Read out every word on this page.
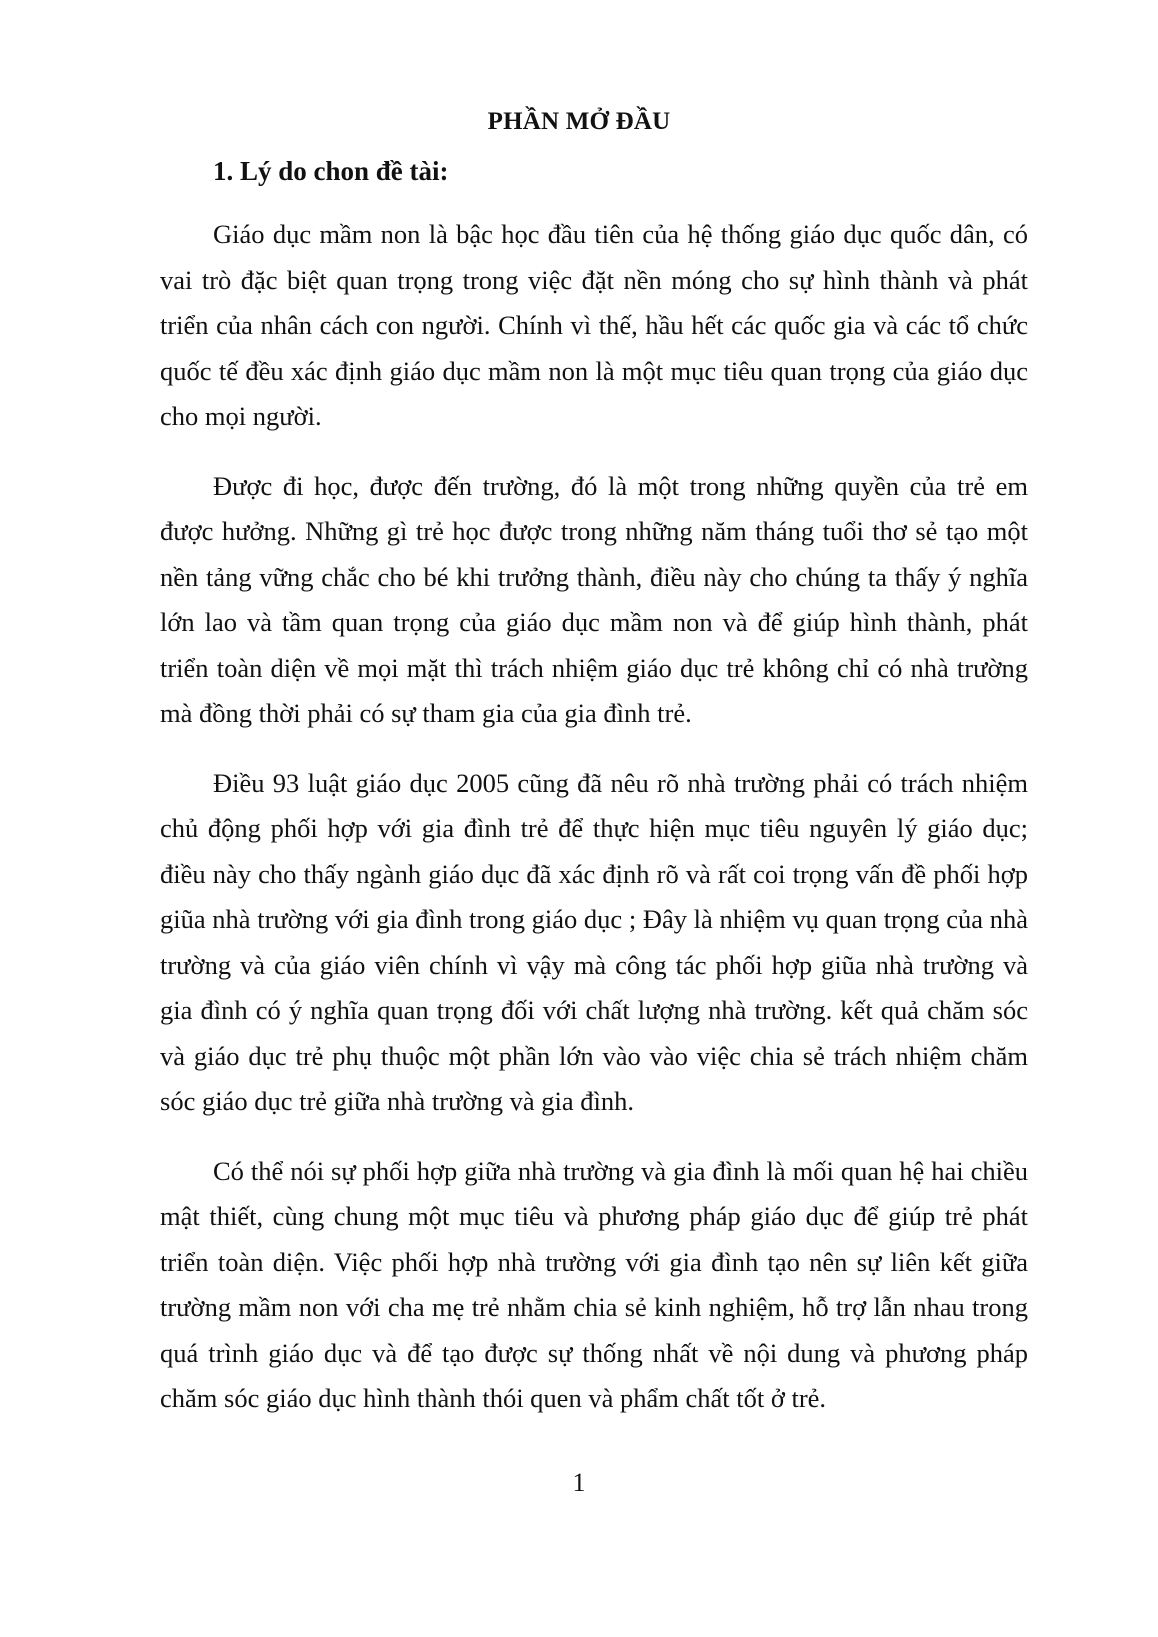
PHẦN MỞ ĐẦU
1. Lý do chon đề tài:

Giáo dục mầm non là bậc học đầu tiên của hệ thống giáo dục quốc dân, có vai trò đặc biệt quan trọng trong việc đặt nền móng cho sự hình thành và phát triển của nhân cách con người. Chính vì thế, hầu hết các quốc gia và các tổ chức quốc tế đều xác định giáo dục mầm non là một mục tiêu quan trọng của giáo dục cho mọi người.

Được đi học, được đến trường, đó là một trong những quyền của trẻ em được hưởng. Những gì trẻ học được trong những năm tháng tuổi thơ sẻ tạo một nền tảng vững chắc cho bé khi trưởng thành, điều này cho chúng ta thấy ý nghĩa lớn lao và tầm quan trọng của giáo dục mầm non và để giúp hình thành, phát triển toàn diện về mọi mặt thì trách nhiệm giáo dục trẻ không chỉ có nhà trường mà đồng thời phải có sự tham gia của gia đình trẻ.

Điều 93 luật giáo dục 2005 cũng đã nêu rõ nhà trường phải có trách nhiệm chủ động phối hợp với gia đình trẻ để thực hiện mục tiêu nguyên lý giáo dục; điều này cho thấy ngành giáo dục đã xác định rõ và rất coi trọng vấn đề phối hợp giũa nhà trường với gia đình trong giáo dục ; Đây là nhiệm vụ quan trọng của nhà trường và của giáo viên chính vì vậy mà công tác phối hợp giũa nhà trường và gia đình có ý nghĩa quan trọng đối với chất lượng nhà trường. kết quả chăm sóc và giáo dục trẻ phụ thuộc một phần lớn vào vào việc chia sẻ trách nhiệm chăm sóc giáo dục trẻ giữa nhà trường và gia đình.

Có thể nói sự phối hợp giữa nhà trường và gia đình là mối quan hệ hai chiều mật thiết, cùng chung một mục tiêu và phương pháp giáo dục để giúp trẻ phát triển toàn diện. Việc phối hợp nhà trường với gia đình tạo nên sự liên kết giữa trường mầm non với cha mẹ trẻ nhằm chia sẻ kinh nghiệm, hỗ trợ lẫn nhau trong quá trình giáo dục và để tạo được sự thống nhất về nội dung và phương pháp chăm sóc giáo dục hình thành thói quen và phẩm chất tốt ở trẻ.

1
